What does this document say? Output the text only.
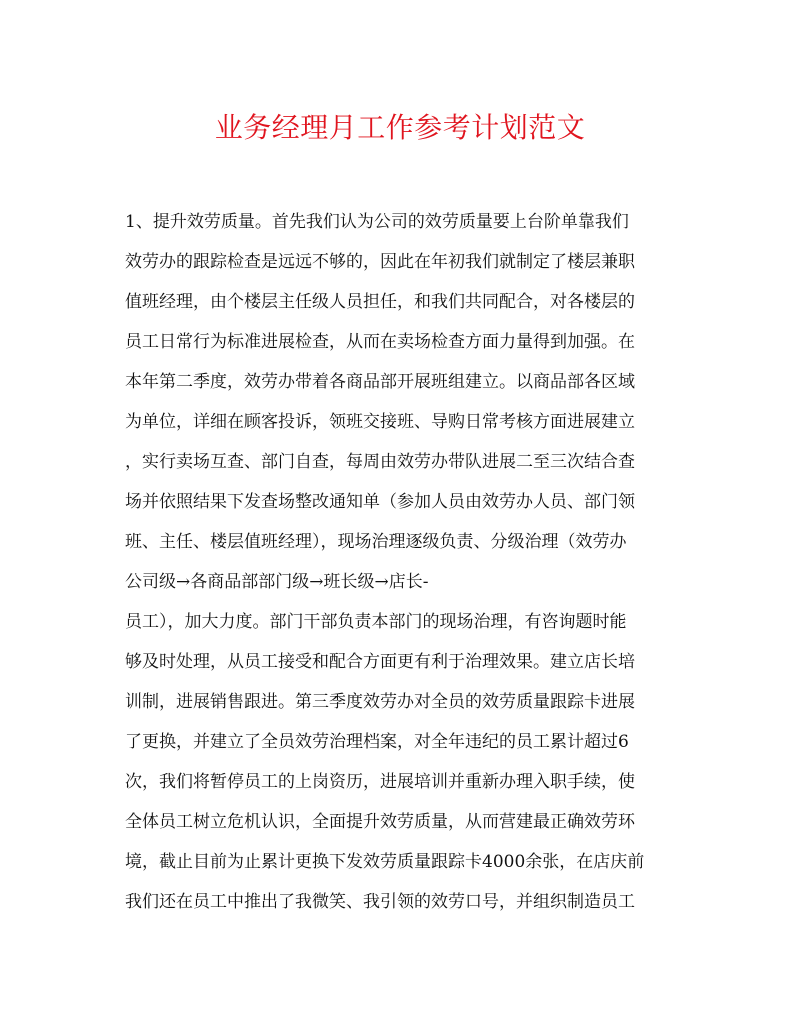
业务经理月工作参考计划范文
1、提升效劳质量。首先我们认为公司的效劳质量要上台阶单靠我们
效劳办的跟踪检查是远远不够的，因此在年初我们就制定了楼层兼职
值班经理，由个楼层主任级人员担任，和我们共同配合，对各楼层的
员工日常行为标准进展检查，从而在卖场检查方面力量得到加强。在
本年第二季度，效劳办带着各商品部开展班组建立。以商品部各区域
为单位，详细在顾客投诉，领班交接班、导购日常考核方面进展建立
，实行卖场互查、部门自查，每周由效劳办带队进展二至三次结合查
场并依照结果下发查场整改通知单（参加人员由效劳办人员、部门领
班、主任、楼层值班经理），现场治理逐级负责、分级治理（效劳办
公司级→各商品部部门级→班长级→店长-
员工），加大力度。部门干部负责本部门的现场治理，有咨询题时能
够及时处理，从员工接受和配合方面更有利于治理效果。建立店长培
训制，进展销售跟进。第三季度效劳办对全员的效劳质量跟踪卡进展
了更换，并建立了全员效劳治理档案，对全年违纪的员工累计超过6
次，我们将暂停员工的上岗资历，进展培训并重新办理入职手续，使
全体员工树立危机认识，全面提升效劳质量，从而营建最正确效劳环
境，截止目前为止累计更换下发效劳质量跟踪卡4000余张，在店庆前
我们还在员工中推出了我微笑、我引领的效劳口号，并组织制造员工
